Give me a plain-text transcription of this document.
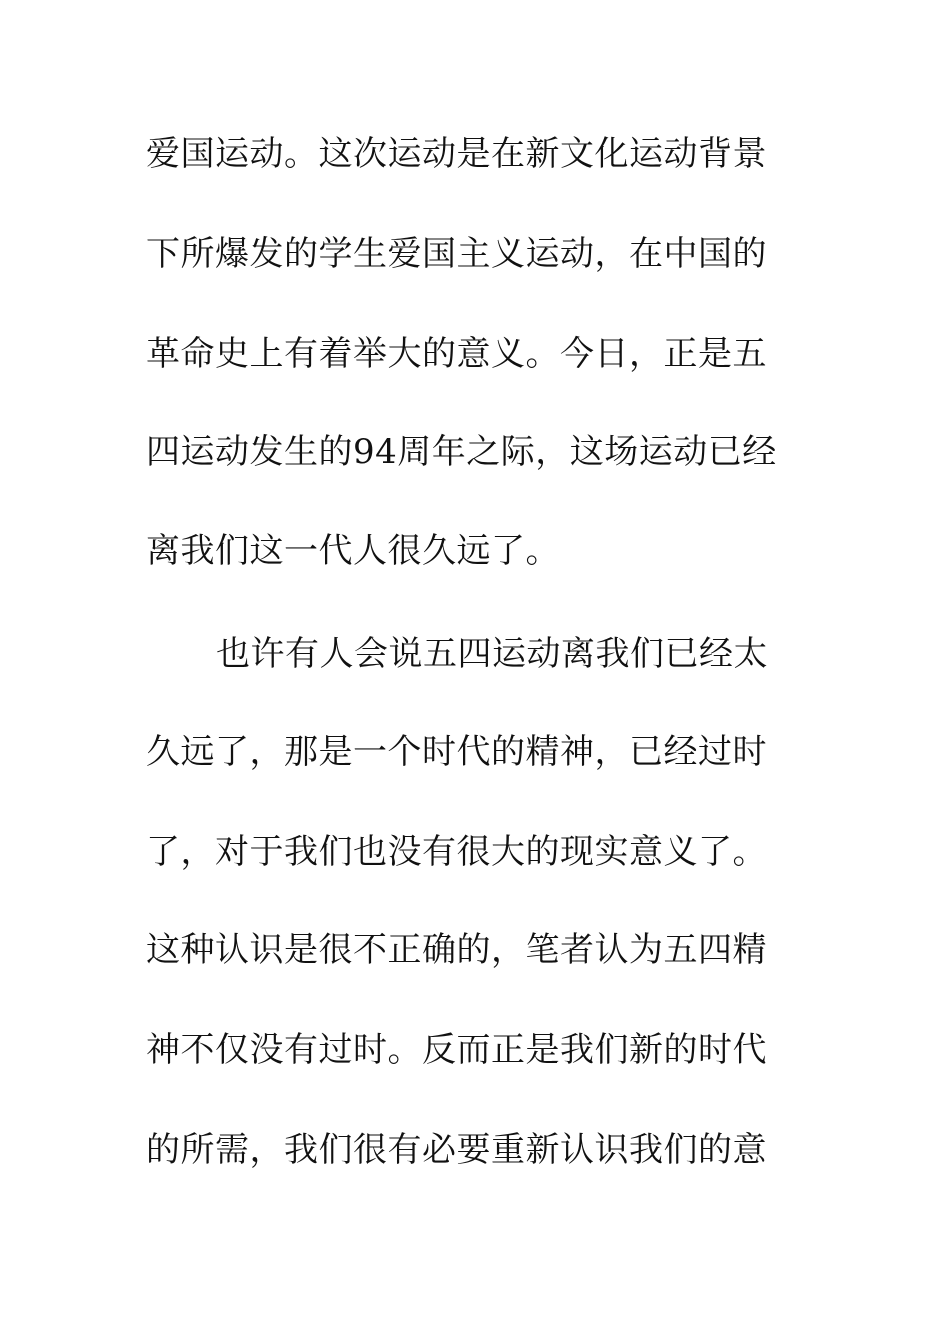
爱国运动。这次运动是在新文化运动背景
下所爆发的学生爱国主义运动，在中国的
革命史上有着举大的意义。今日，正是五
四运动发生的94周年之际，这场运动已经
离我们这一代人很久远了。
也许有人会说五四运动离我们已经太
久远了，那是一个时代的精神，已经过时
了，对于我们也没有很大的现实意义了。
这种认识是很不正确的，笔者认为五四精
神不仅没有过时。反而正是我们新的时代
的所需，我们很有必要重新认识我们的意
